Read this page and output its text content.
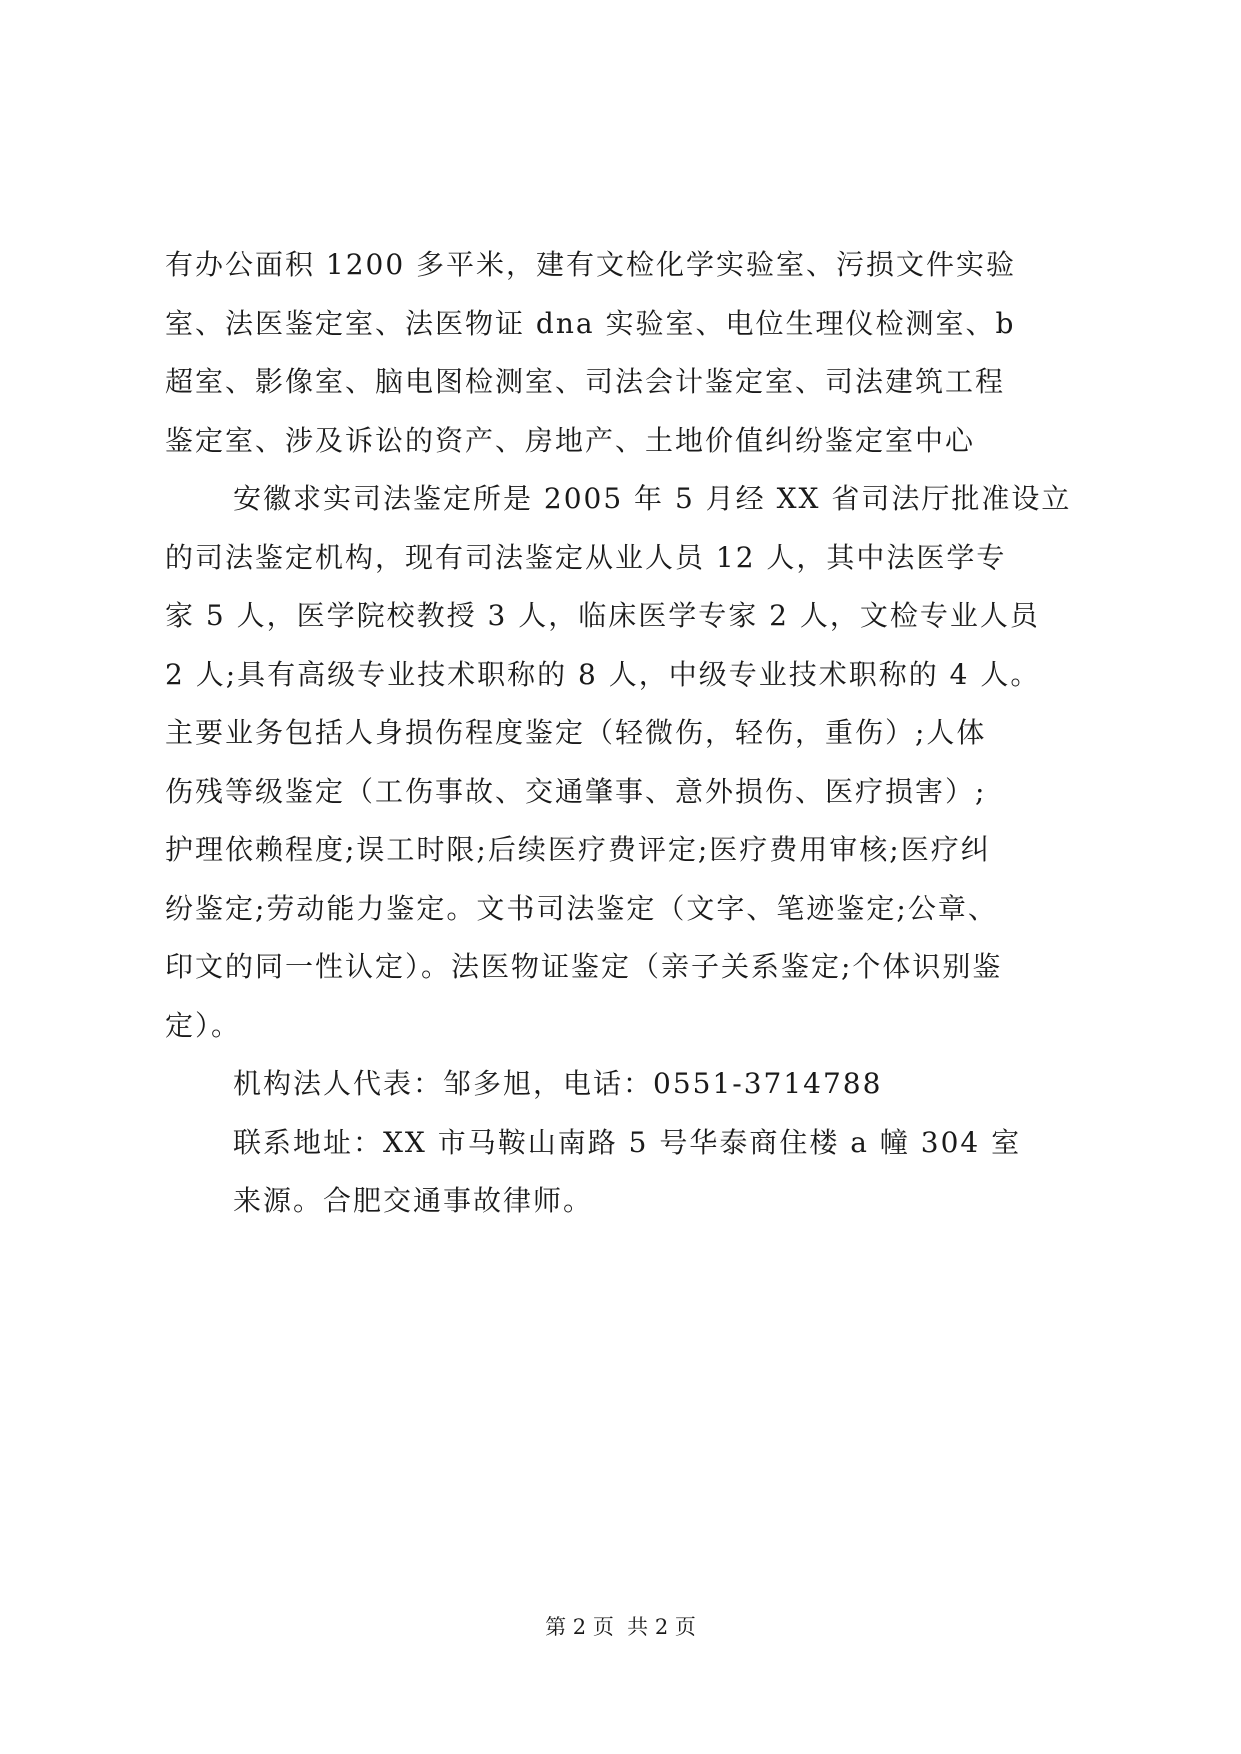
有办公面积 1200 多平米，建有文检化学实验室、污损文件实验
室、法医鉴定室、法医物证 dna 实验室、电位生理仪检测室、b
超室、影像室、脑电图检测室、司法会计鉴定室、司法建筑工程
鉴定室、涉及诉讼的资产、房地产、土地价值纠纷鉴定室中心
安徽求实司法鉴定所是 2005 年 5 月经 XX 省司法厅批准设立
的司法鉴定机构，现有司法鉴定从业人员 12 人，其中法医学专
家 5 人，医学院校教授 3 人，临床医学专家 2 人，文检专业人员
2 人;具有高级专业技术职称的 8 人，中级专业技术职称的 4 人。
主要业务包括人身损伤程度鉴定（轻微伤，轻伤，重伤）;人体
伤残等级鉴定（工伤事故、交通肇事、意外损伤、医疗损害）;
护理依赖程度;误工时限;后续医疗费评定;医疗费用审核;医疗纠
纷鉴定;劳动能力鉴定。文书司法鉴定（文字、笔迹鉴定;公章、
印文的同一性认定）。法医物证鉴定（亲子关系鉴定;个体识别鉴
定）。
机构法人代表：邹多旭，电话：0551-3714788
联系地址：XX 市马鞍山南路 5 号华泰商住楼 a 幢 304 室
来源。合肥交通事故律师。
第 2 页  共 2 页
